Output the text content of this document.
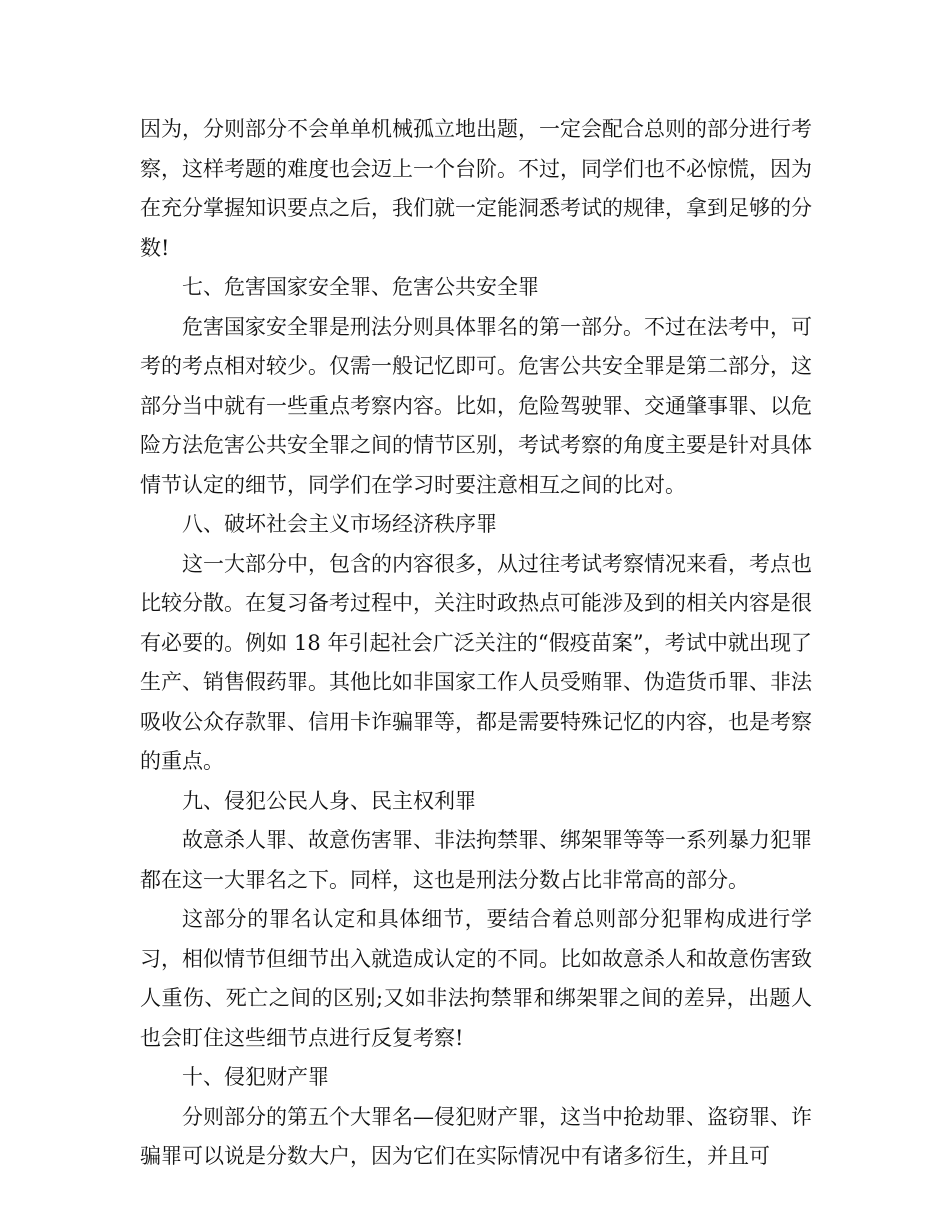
因为，分则部分不会单单机械孤立地出题，一定会配合总则的部分进行考察，这样考题的难度也会迈上一个台阶。不过，同学们也不必惊慌，因为在充分掌握知识要点之后，我们就一定能洞悉考试的规律，拿到足够的分数!

七、危害国家安全罪、危害公共安全罪

危害国家安全罪是刑法分则具体罪名的第一部分。不过在法考中，可考的考点相对较少。仅需一般记忆即可。危害公共安全罪是第二部分，这部分当中就有一些重点考察内容。比如，危险驾驶罪、交通肇事罪、以危险方法危害公共安全罪之间的情节区别，考试考察的角度主要是针对具体情节认定的细节，同学们在学习时要注意相互之间的比对。

八、破坏社会主义市场经济秩序罪

这一大部分中，包含的内容很多，从过往考试考察情况来看，考点也比较分散。在复习备考过程中，关注时政热点可能涉及到的相关内容是很有必要的。例如 18 年引起社会广泛关注的“假疫苗案”，考试中就出现了生产、销售假药罪。其他比如非国家工作人员受贿罪、伪造货币罪、非法吸收公众存款罪、信用卡诈骗罪等，都是需要特殊记忆的内容，也是考察的重点。

九、侵犯公民人身、民主权利罪

故意杀人罪、故意伤害罪、非法拘禁罪、绑架罪等等一系列暴力犯罪都在这一大罪名之下。同样，这也是刑法分数占比非常高的部分。

这部分的罪名认定和具体细节，要结合着总则部分犯罪构成进行学习，相似情节但细节出入就造成认定的不同。比如故意杀人和故意伤害致人重伤、死亡之间的区别;又如非法拘禁罪和绑架罪之间的差异，出题人也会盯住这些细节点进行反复考察!

十、侵犯财产罪

分则部分的第五个大罪名—侵犯财产罪，这当中抢劫罪、盗窃罪、诈骗罪可以说是分数大户，因为它们在实际情况中有诸多衍生，并且可
